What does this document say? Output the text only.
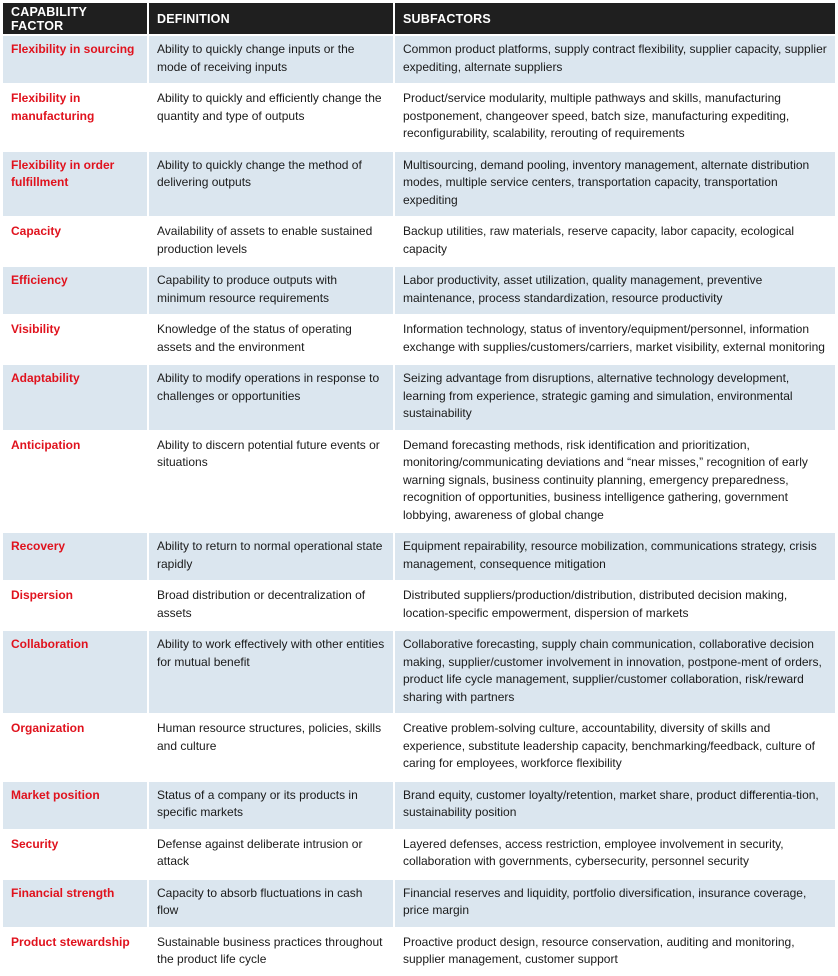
CAPABILITY FACTOR	DEFINITION	SUBFACTORS
Flexibility in sourcing	Ability to quickly change inputs or the mode of receiving inputs	Common product platforms, supply contract flexibility, supplier capacity, supplier expediting, alternate suppliers
Flexibility in manufacturing	Ability to quickly and efficiently change the quantity and type of outputs	Product/service modularity, multiple pathways and skills, manufacturing postponement, changeover speed, batch size, manufacturing expediting, reconfigurability, scalability, rerouting of requirements
Flexibility in order fulfillment	Ability to quickly change the method of delivering outputs	Multisourcing, demand pooling, inventory management, alternate distribution modes, multiple service centers, transportation capacity, transportation expediting
Capacity	Availability of assets to enable sustained production levels	Backup utilities, raw materials, reserve capacity, labor capacity, ecological capacity
Efficiency	Capability to produce outputs with minimum resource requirements	Labor productivity, asset utilization, quality management, preventive maintenance, process standardization, resource productivity
Visibility	Knowledge of the status of operating assets and the environment	Information technology, status of inventory/equipment/personnel, information exchange with supplies/customers/carriers, market visibility, external monitoring
Adaptability	Ability to modify operations in response to challenges or opportunities	Seizing advantage from disruptions, alternative technology development, learning from experience, strategic gaming and simulation, environmental sustainability
Anticipation	Ability to discern potential future events or situations	Demand forecasting methods, risk identification and prioritization, monitoring/communicating deviations and “near misses,” recognition of early warning signals, business continuity planning, emergency preparedness, recognition of opportunities, business intelligence gathering, government lobbying, awareness of global change
Recovery	Ability to return to normal operational state rapidly	Equipment repairability, resource mobilization, communications strategy, crisis management, consequence mitigation
Dispersion	Broad distribution or decentralization of assets	Distributed suppliers/production/distribution, distributed decision making, location-specific empowerment, dispersion of markets
Collaboration	Ability to work effectively with other entities for mutual benefit	Collaborative forecasting, supply chain communication, collaborative decision making, supplier/customer involvement in innovation, postpone-ment of orders, product life cycle management, supplier/customer collaboration, risk/reward sharing with partners
Organization	Human resource structures, policies, skills and culture	Creative problem-solving culture, accountability, diversity of skills and experience, substitute leadership capacity, benchmarking/feedback, culture of caring for employees, workforce flexibility
Market position	Status of a company or its products in specific markets	Brand equity, customer loyalty/retention, market share, product differentia-tion, sustainability position
Security	Defense against deliberate intrusion or attack	Layered defenses, access restriction, employee involvement in security, collaboration with governments, cybersecurity, personnel security
Financial strength	Capacity to absorb fluctuations in cash flow	Financial reserves and liquidity, portfolio diversification, insurance coverage, price margin
Product stewardship	Sustainable business practices throughout the product life cycle	Proactive product design, resource conservation, auditing and monitoring, supplier management, customer support
